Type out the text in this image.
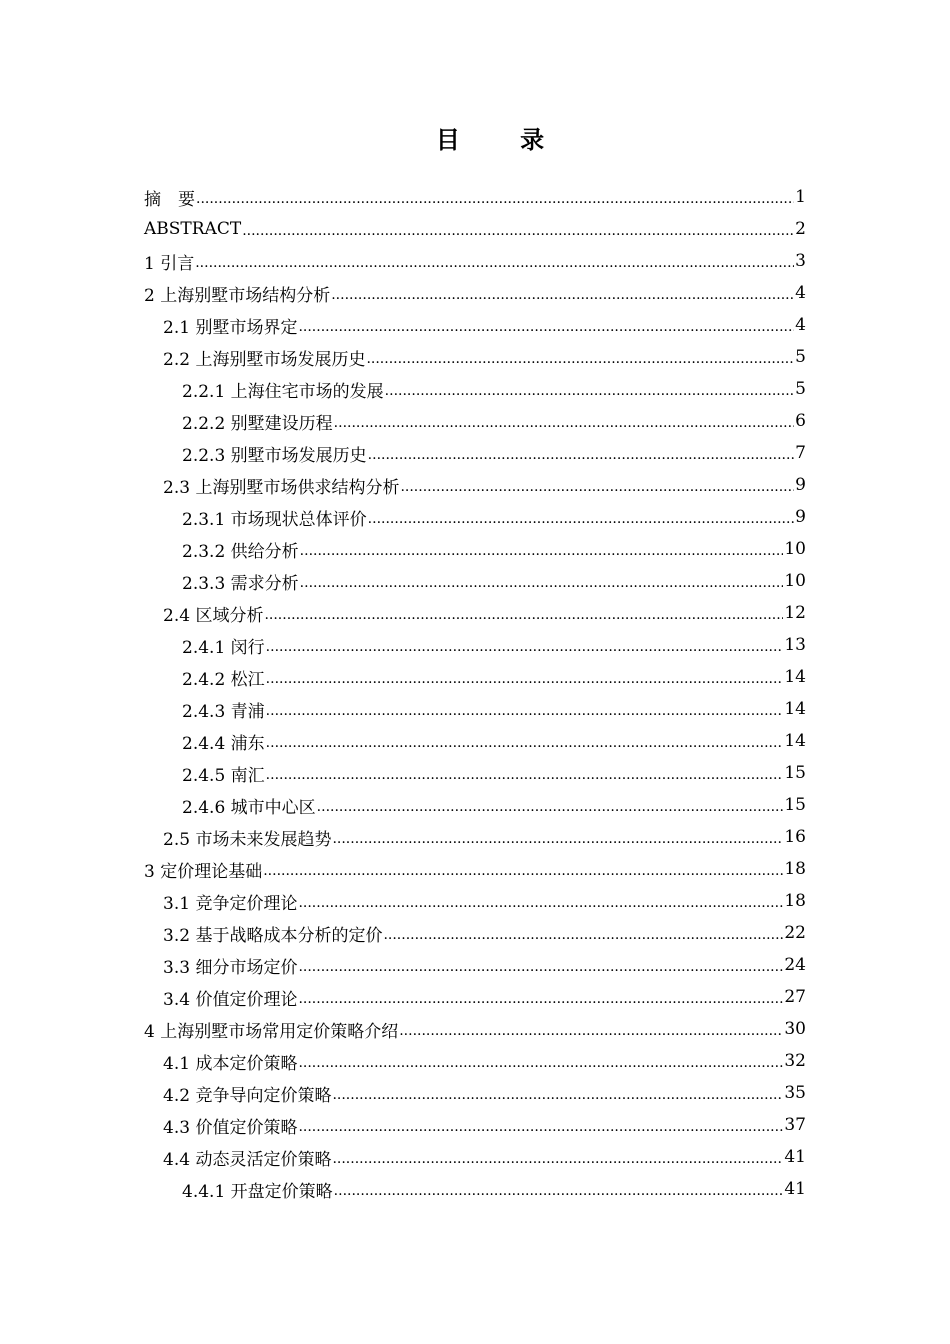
目 录
摘　要 .....	1
ABSTRACT .....	2
1 引言 .....	3
2 上海别墅市场结构分析 .....	4
2.1 别墅市场界定 .....	4
2.2 上海别墅市场发展历史 .....	5
2.2.1 上海住宅市场的发展 .....	5
2.2.2 别墅建设历程 .....	6
2.2.3 别墅市场发展历史 .....	7
2.3 上海别墅市场供求结构分析 .....	9
2.3.1 市场现状总体评价 .....	9
2.3.2 供给分析 .....	10
2.3.3 需求分析 .....	10
2.4 区域分析 .....	12
2.4.1 闵行 .....	13
2.4.2 松江 .....	14
2.4.3 青浦 .....	14
2.4.4 浦东 .....	14
2.4.5 南汇 .....	15
2.4.6 城市中心区 .....	15
2.5 市场未来发展趋势 .....	16
3 定价理论基础 .....	18
3.1 竞争定价理论 .....	18
3.2 基于战略成本分析的定价 .....	22
3.3 细分市场定价 .....	24
3.4 价值定价理论 .....	27
4 上海别墅市场常用定价策略介绍 .....	30
4.1 成本定价策略 .....	32
4.2 竞争导向定价策略 .....	35
4.3 价值定价策略 .....	37
4.4 动态灵活定价策略 .....	41
4.4.1 开盘定价策略 .....	41
